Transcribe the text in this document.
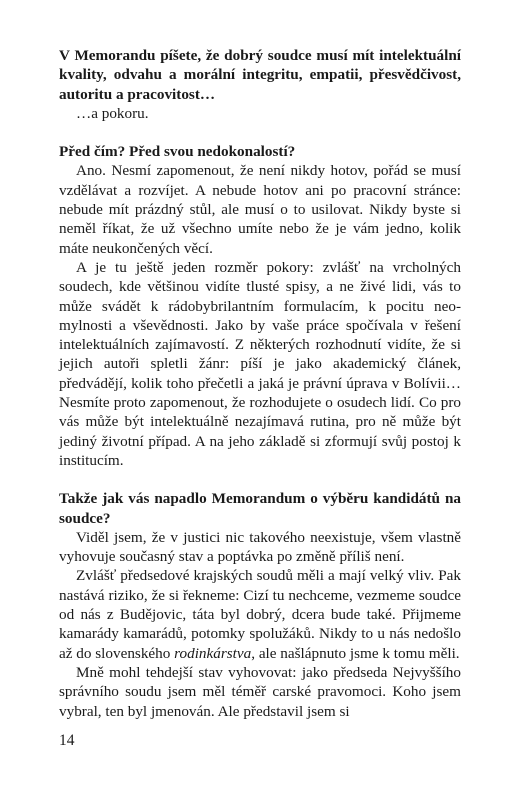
V Memorandu píšete, že dobrý soudce musí mít intelektuální kvality, odvahu a morální integritu, empatii, přesvědčivost, autoritu a pracovitost…

…a pokoru.

Před čím? Před svou nedokonalostí?

Ano. Nesmí zapomenout, že není nikdy hotov, pořád se musí vzdělávat a rozvíjet. A nebude hotov ani po pracovní stránce: nebude mít prázdný stůl, ale musí o to usilovat. Nikdy byste si neměl říkat, že už všechno umíte nebo že je vám jedno, kolik máte neukončených věcí.

A je tu ještě jeden rozměr pokory: zvlášť na vrcholných soudech, kde většinou vidíte tlusté spisy, a ne živé lidi, vás to může svádět k rádobybrilantním formulacím, k pocitu neomylnosti a vševědnosti. Jako by vaše práce spočívala v řešení intelektuálních zajímavostí. Z některých rozhodnutí vidíte, že si jejich autoři spletli žánr: píší je jako akademický článek, předvádějí, kolik toho přečetli a jaká je právní úprava v Bolívii… Nesmíte proto zapomenout, že rozhodujete o osudech lidí. Co pro vás může být intelektuálně nezajímavá rutina, pro ně může být jediný životní případ. A na jeho základě si zformují svůj postoj k institucím.

Takže jak vás napadlo Memorandum o výběru kandidátů na soudce?

Viděl jsem, že v justici nic takového neexistuje, všem vlastně vyhovuje současný stav a poptávka po změně příliš není.

Zvlášť předsedové krajských soudů měli a mají velký vliv. Pak nastává riziko, že si řekneme: Cizí tu nechceme, vezmeme soudce od nás z Budějovic, táta byl dobrý, dcera bude také. Přijmeme kamarády kamarádů, potomky spolužáků. Nikdy to u nás nedošlo až do slovenského rodinkárstva, ale našlápnuto jsme k tomu měli.

Mně mohl tehdejší stav vyhovovat: jako předseda Nejvyššího správního soudu jsem měl téměř carské pravomoci. Koho jsem vybral, ten byl jmenován. Ale představil jsem si

14
